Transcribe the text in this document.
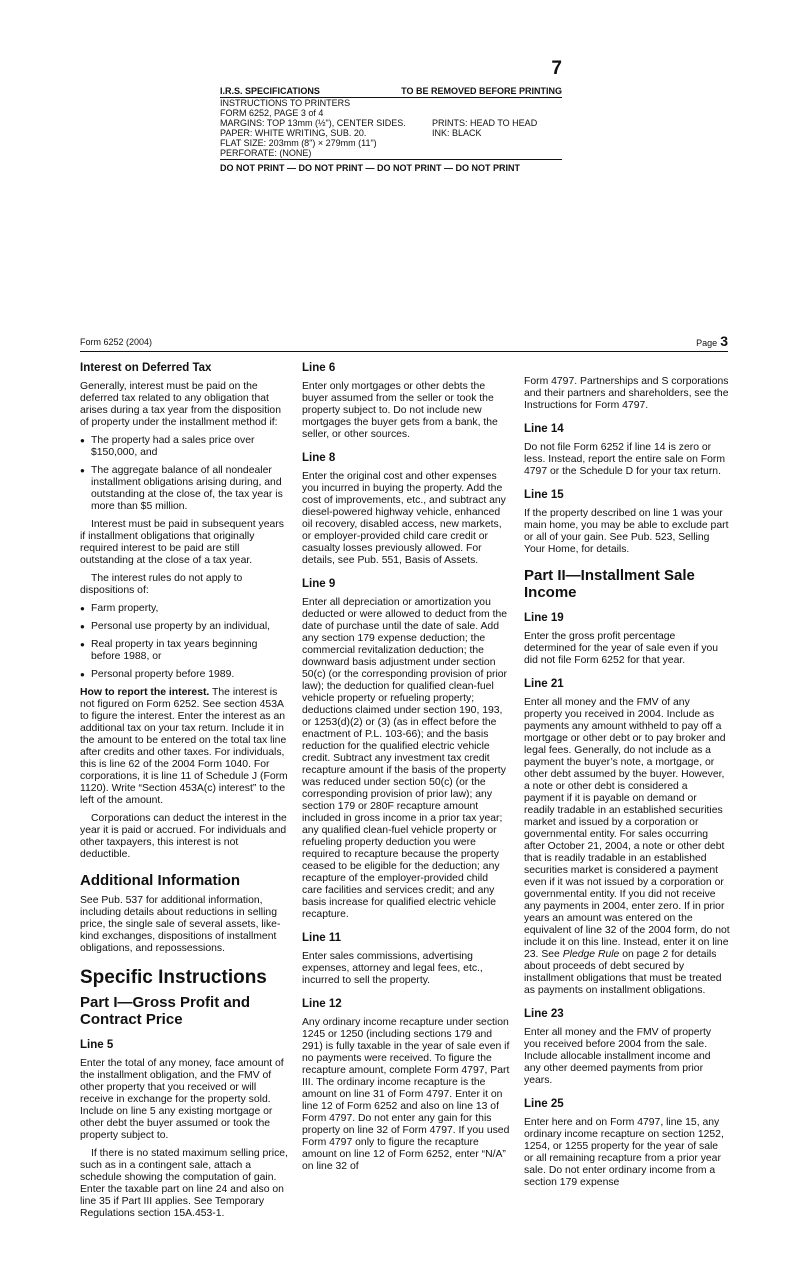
7
I.R.S. SPECIFICATIONS	TO BE REMOVED BEFORE PRINTING
INSTRUCTIONS TO PRINTERS
FORM 6252, PAGE 3 of 4
MARGINS: TOP 13mm (½"), CENTER SIDES.	PRINTS: HEAD TO HEAD
PAPER: WHITE WRITING, SUB. 20.	INK: BLACK
FLAT SIZE: 203mm (8") × 279mm (11")
PERFORATE: (NONE)
DO NOT PRINT — DO NOT PRINT — DO NOT PRINT — DO NOT PRINT
Form 6252 (2004)	Page 3
Interest on Deferred Tax

Generally, interest must be paid on the deferred tax related to any obligation that arises during a tax year from the disposition of property under the installment method if:

● The property had a sales price over $150,000, and
● The aggregate balance of all nondealer installment obligations arising during, and outstanding at the close of, the tax year is more than $5 million.

Interest must be paid in subsequent years if installment obligations that originally required interest to be paid are still outstanding at the close of a tax year.

The interest rules do not apply to dispositions of:

● Farm property,
● Personal use property by an individual,
● Real property in tax years beginning before 1988, or
● Personal property before 1989.

How to report the interest. The interest is not figured on Form 6252. See section 453A to figure the interest. Enter the interest as an additional tax on your tax return. Include it in the amount to be entered on the total tax line after credits and other taxes. For individuals, this is line 62 of the 2004 Form 1040. For corporations, it is line 11 of Schedule J (Form 1120). Write “Section 453A(c) interest” to the left of the amount.

Corporations can deduct the interest in the year it is paid or accrued. For individuals and other taxpayers, this interest is not deductible.

Additional Information

See Pub. 537 for additional information, including details about reductions in selling price, the single sale of several assets, like-kind exchanges, dispositions of installment obligations, and repossessions.

Specific Instructions
Part I—Gross Profit and Contract Price
Line 5

Enter the total of any money, face amount of the installment obligation, and the FMV of other property that you received or will receive in exchange for the property sold. Include on line 5 any existing mortgage or other debt the buyer assumed or took the property subject to.

If there is no stated maximum selling price, such as in a contingent sale, attach a schedule showing the computation of gain. Enter the taxable part on line 24 and also on line 35 if Part III applies. See Temporary Regulations section 15A.453-1.

Line 6

Enter only mortgages or other debts the buyer assumed from the seller or took the property subject to. Do not include new mortgages the buyer gets from a bank, the seller, or other sources.

Line 8

Enter the original cost and other expenses you incurred in buying the property. Add the cost of improvements, etc., and subtract any diesel-powered highway vehicle, enhanced oil recovery, disabled access, new markets, or employer-provided child care credit or casualty losses previously allowed. For details, see Pub. 551, Basis of Assets.

Line 9

Enter all depreciation or amortization you deducted or were allowed to deduct from the date of purchase until the date of sale. Add any section 179 expense deduction; the commercial revitalization deduction; the downward basis adjustment under section 50(c) (or the corresponding provision of prior law); the deduction for qualified clean-fuel vehicle property or refueling property; deductions claimed under section 190, 193, or 1253(d)(2) or (3) (as in effect before the enactment of P.L. 103-66); and the basis reduction for the qualified electric vehicle credit. Subtract any investment tax credit recapture amount if the basis of the property was reduced under section 50(c) (or the corresponding provision of prior law); any section 179 or 280F recapture amount included in gross income in a prior tax year; any qualified clean-fuel vehicle property or refueling property deduction you were required to recapture because the property ceased to be eligible for the deduction; any recapture of the employer-provided child care facilities and services credit; and any basis increase for qualified electric vehicle recapture.

Line 11

Enter sales commissions, advertising expenses, attorney and legal fees, etc., incurred to sell the property.

Line 12

Any ordinary income recapture under section 1245 or 1250 (including sections 179 and 291) is fully taxable in the year of sale even if no payments were received. To figure the recapture amount, complete Form 4797, Part III. The ordinary income recapture is the amount on line 31 of Form 4797. Enter it on line 12 of Form 6252 and also on line 13 of Form 4797. Do not enter any gain for this property on line 32 of Form 4797. If you used Form 4797 only to figure the recapture amount on line 12 of Form 6252, enter “N/A” on line 32 of

Form 4797. Partnerships and S corporations and their partners and shareholders, see the Instructions for Form 4797.

Line 14

Do not file Form 6252 if line 14 is zero or less. Instead, report the entire sale on Form 4797 or the Schedule D for your tax return.

Line 15

If the property described on line 1 was your main home, you may be able to exclude part or all of your gain. See Pub. 523, Selling Your Home, for details.

Part II—Installment Sale Income
Line 19

Enter the gross profit percentage determined for the year of sale even if you did not file Form 6252 for that year.

Line 21

Enter all money and the FMV of any property you received in 2004. Include as payments any amount withheld to pay off a mortgage or other debt or to pay broker and legal fees. Generally, do not include as a payment the buyer’s note, a mortgage, or other debt assumed by the buyer. However, a note or other debt is considered a payment if it is payable on demand or readily tradable in an established securities market and issued by a corporation or governmental entity. For sales occurring after October 21, 2004, a note or other debt that is readily tradable in an established securities market is considered a payment even if it was not issued by a corporation or governmental entity. If you did not receive any payments in 2004, enter zero. If in prior years an amount was entered on the equivalent of line 32 of the 2004 form, do not include it on this line. Instead, enter it on line 23. See Pledge Rule on page 2 for details about proceeds of debt secured by installment obligations that must be treated as payments on installment obligations.

Line 23

Enter all money and the FMV of property you received before 2004 from the sale. Include allocable installment income and any other deemed payments from prior years.

Line 25

Enter here and on Form 4797, line 15, any ordinary income recapture on section 1252, 1254, or 1255 property for the year of sale or all remaining recapture from a prior year sale. Do not enter ordinary income from a section 179 expense
